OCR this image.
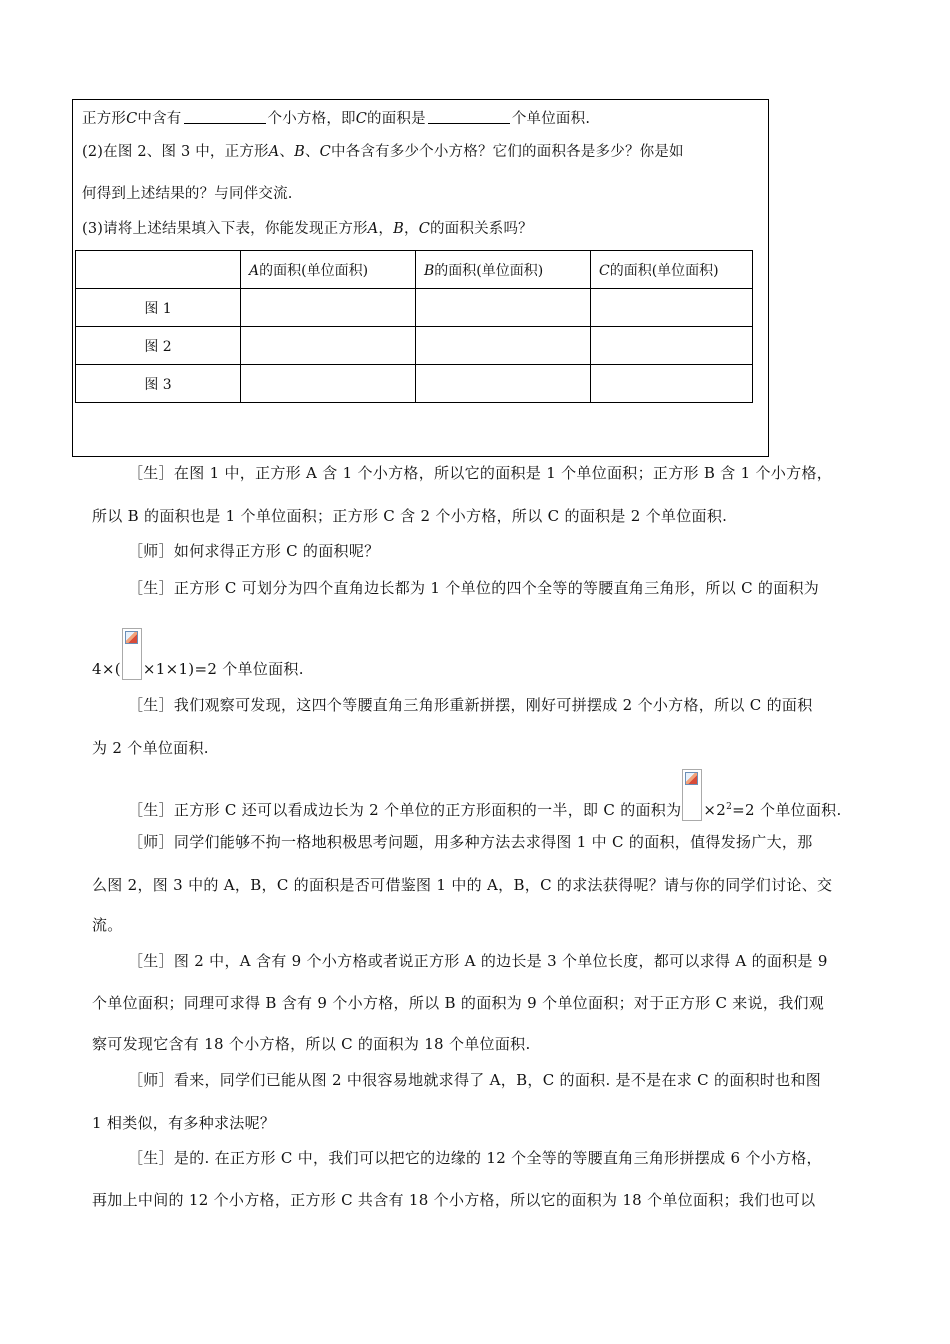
正方形C中含有	个小方格，即C的面积是	个单位面积.
(2)在图 2、图 3 中，正方形A、B、C中各含有多少个小方格？它们的面积各是多少？你是如
何得到上述结果的？与同伴交流.
(3)请将上述结果填入下表，你能发现正方形A，B，C的面积关系吗？
	A的面积(单位面积)	B的面积(单位面积)	C的面积(单位面积)
图 1			
图 2			
图 3			
［生］在图 1 中，正方形 A 含 1 个小方格，所以它的面积是 1 个单位面积；正方形 B 含 1 个小方格，
所以 B 的面积也是 1 个单位面积；正方形 C 含 2 个小方格，所以 C 的面积是 2 个单位面积.
［师］如何求得正方形 C 的面积呢？
［生］正方形 C 可划分为四个直角边长都为 1 个单位的四个全等的等腰直角三角形，所以 C 的面积为
4×( ×1×1)=2 个单位面积.
［生］我们观察可发现，这四个等腰直角三角形重新拼摆，刚好可拼摆成 2 个小方格，所以 C 的面积
为 2 个单位面积.
［生］正方形 C 还可以看成边长为 2 个单位的正方形面积的一半，即 C 的面积为 $\times 2^2=2$ 个单位面积.
［师］同学们能够不拘一格地积极思考问题，用多种方法去求得图 1 中 C 的面积，值得发扬广大，那
么图 2，图 3 中的 A，B，C 的面积是否可借鉴图 1 中的 A，B，C 的求法获得呢？请与你的同学们讨论、交
流。
［生］图 2 中，A 含有 9 个小方格或者说正方形 A 的边长是 3 个单位长度，都可以求得 A 的面积是 9
个单位面积；同理可求得 B 含有 9 个小方格，所以 B 的面积为 9 个单位面积；对于正方形 C 来说，我们观
察可发现它含有 18 个小方格，所以 C 的面积为 18 个单位面积.
［师］看来，同学们已能从图 2 中很容易地就求得了 A，B，C 的面积. 是不是在求 C 的面积时也和图
1 相类似，有多种求法呢？
［生］是的. 在正方形 C 中，我们可以把它的边缘的 12 个全等的等腰直角三角形拼摆成 6 个小方格，
再加上中间的 12 个小方格，正方形 C 共含有 18 个小方格，所以它的面积为 18 个单位面积；我们也可以
